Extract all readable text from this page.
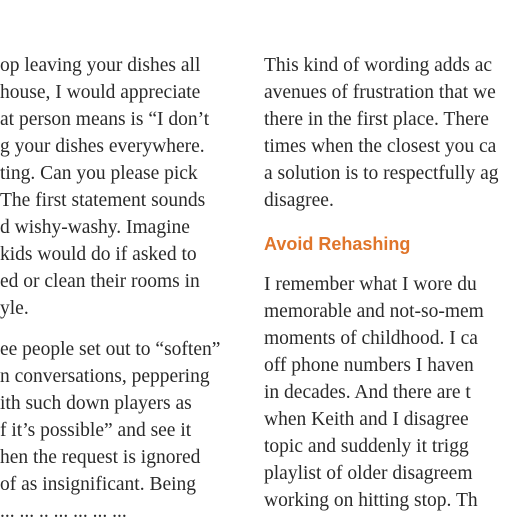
op leaving your dishes all
house, I would appreciate
at person means is “I don’t
g your dishes everywhere.
ting. Can you please pick
The first statement sounds
d wishy-washy. Imagine
kids would do if asked to
ed or clean their rooms in
yle.
ee people set out to “soften”
n conversations, peppering
ith such down players as
f it’s possible” and see it
hen the request is ignored
of as insignificant. Being
... ... .. ... ... ... ...
This kind of wording adds ac
avenues of frustration that we
there in the first place. There
times when the closest you ca
a solution is to respectfully ag
disagree.
Avoid Rehashing
I remember what I wore du
memorable and not-so-mem
moments of childhood. I ca
off phone numbers I haven
in decades. And there are t
when Keith and I disagree
topic and suddenly it trigg
playlist of older disagreem
working on hitting stop. Th
